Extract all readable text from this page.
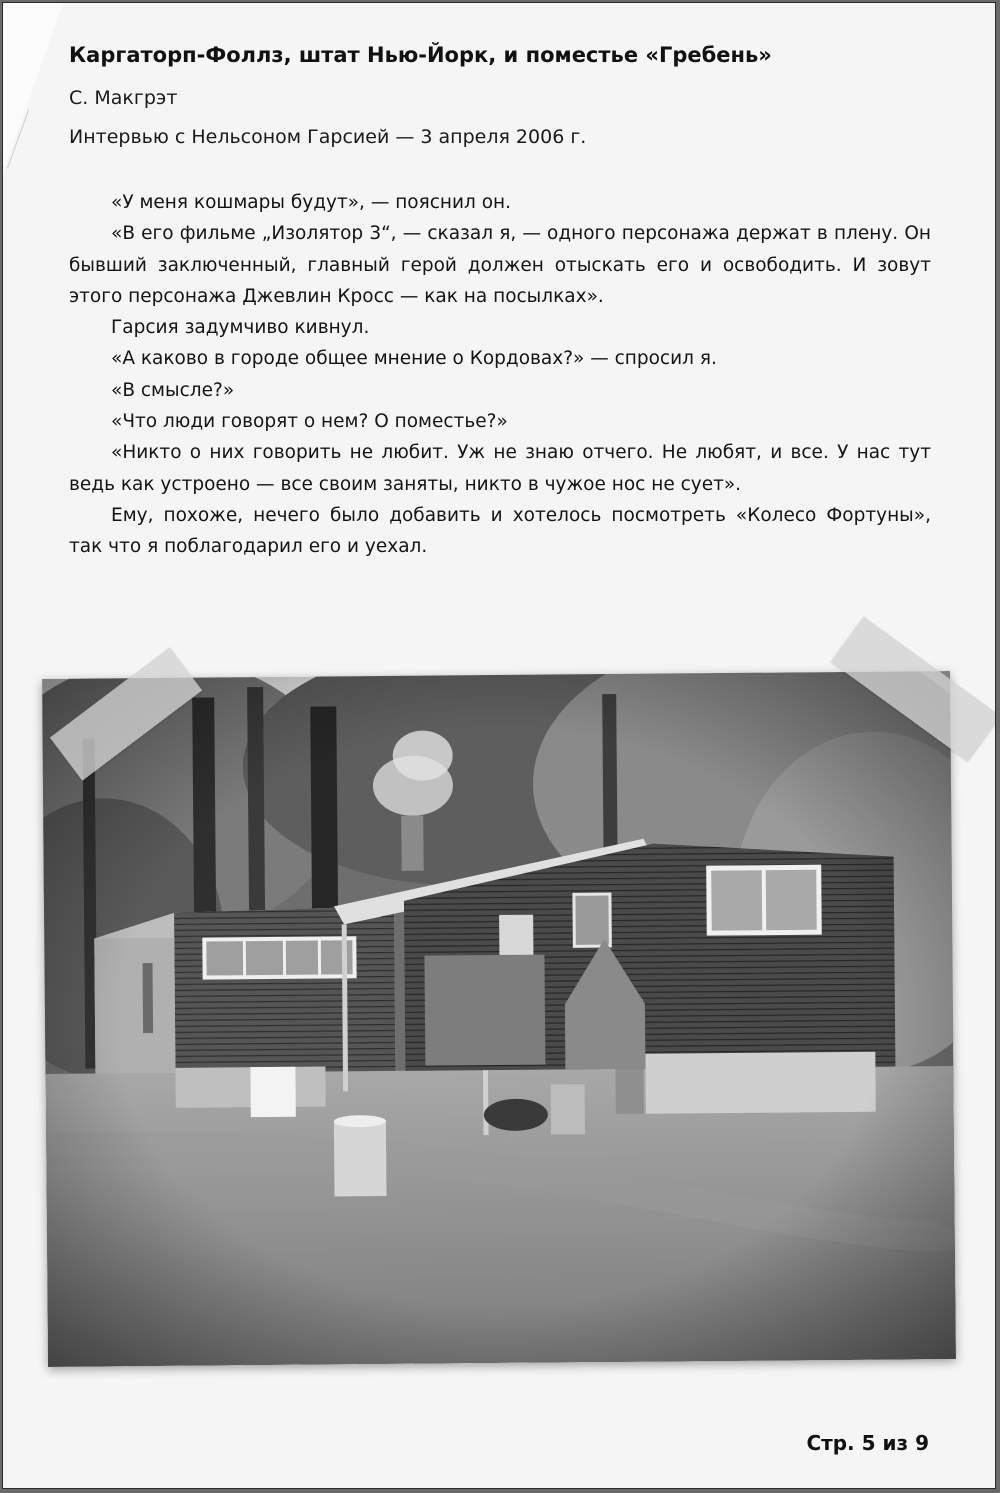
Каргаторп-Фоллз, штат Нью-Йорк, и поместье «Гребень»

С. Макгрэт

Интервью с Нельсоном Гарсией — 3 апреля 2006 г.

«У меня кошмары будут», — пояснил он.

«В его фильме „Изолятор 3“, — сказал я, — одного персонажа держат в плену. Он бывший заключенный, главный герой должен отыскать его и освободить. И зовут этого персонажа Джевлин Кросс — как на посылках».

Гарсия задумчиво кивнул.

«А каково в городе общее мнение о Кордовах?» — спросил я.

«В смысле?»

«Что люди говорят о нем? О поместье?»

«Никто о них говорить не любит. Уж не знаю отчего. Не любят, и все. У нас тут ведь как устроено — все своим заняты, никто в чужое нос не сует».

Ему, похоже, нечего было добавить и хотелось посмотреть «Колесо Фортуны», так что я поблагодарил его и уехал.

Стр. 5 из 9
